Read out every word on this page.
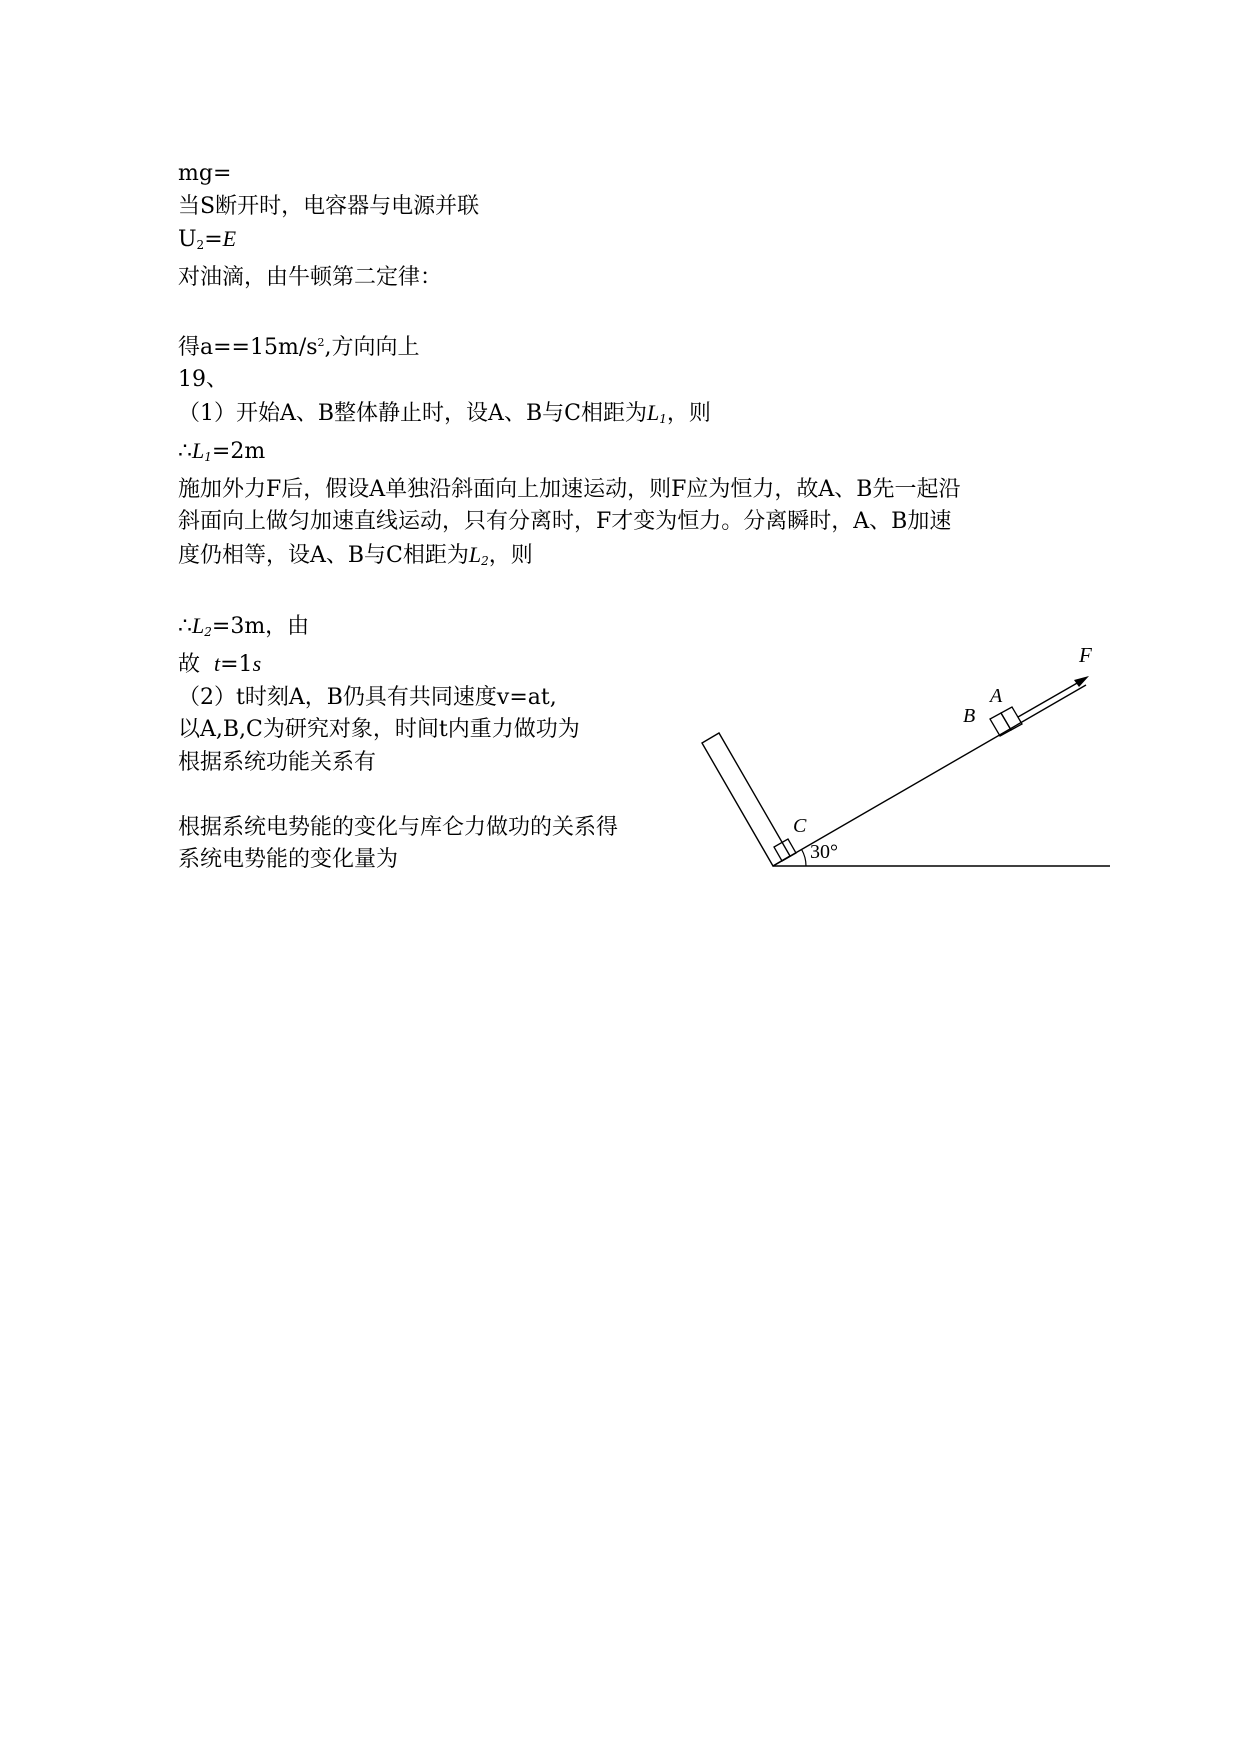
mg=
当S断开时，电容器与电源并联
$U_2=E$
对油滴，由牛顿第二定律：
得$a==15m/s^2$,方向向上
19、
（1）开始A、B整体静止时，设A、B与C相距为$L_1$，则
$\therefore L_1=2m$
施加外力F后，假设A单独沿斜面向上加速运动，则F应为恒力，故A、B先一起沿
斜面向上做匀加速直线运动，只有分离时，F才变为恒力。分离瞬时，A、B加速
度仍相等，设A、B与C相距为$L_2$，则
$\therefore L_2=3m$，由
故  t=1s
（2）t时刻A，B仍具有共同速度v=at,
以A,B,C为研究对象，时间t内重力做功为
根据系统功能关系有
根据系统电势能的变化与库仑力做功的关系得
系统电势能的变化量为
F
A
B
C
30°
